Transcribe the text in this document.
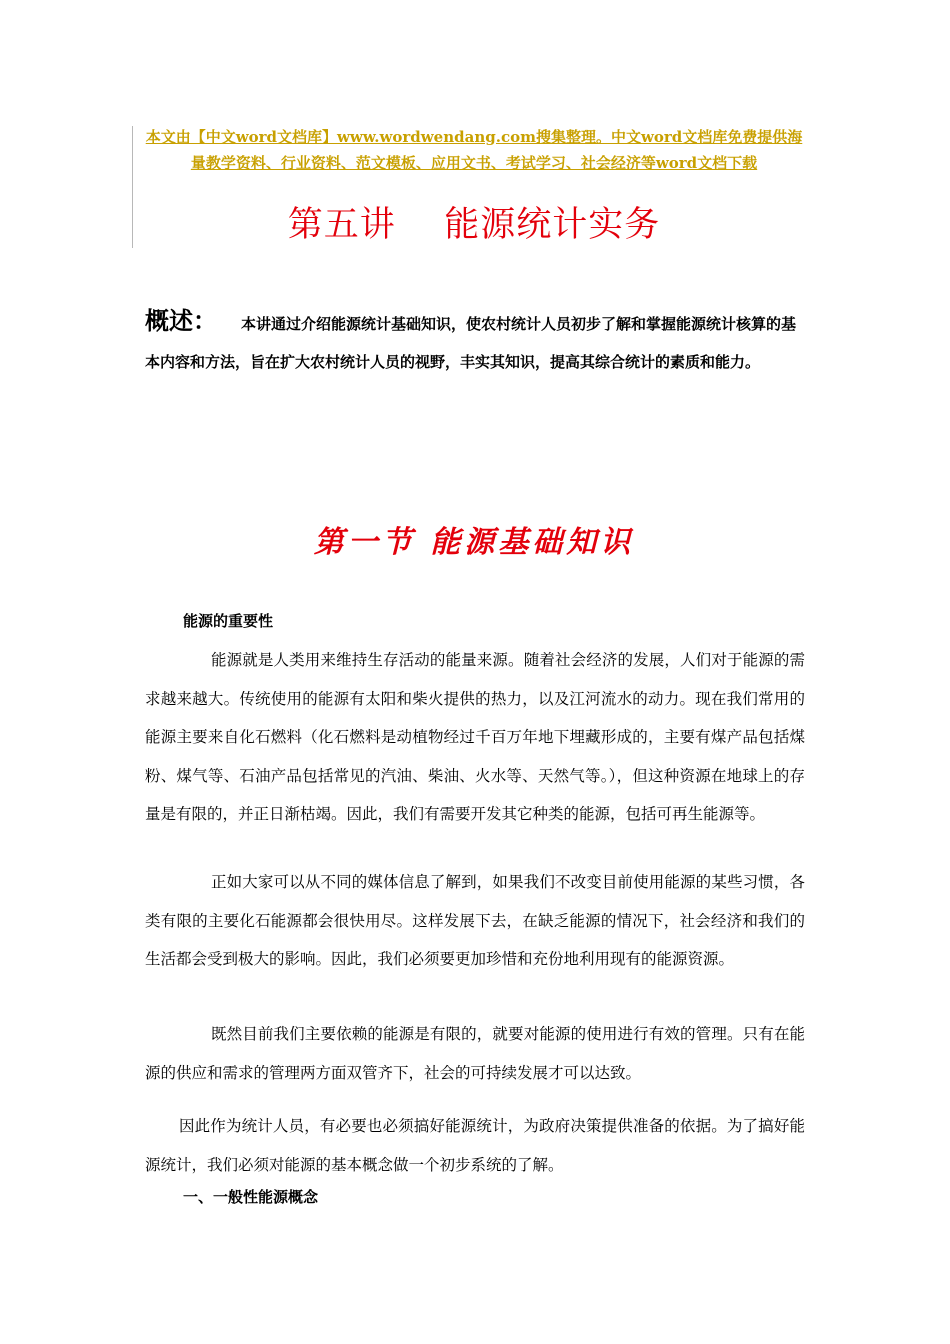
本文由【中文word文档库】www.wordwendang.com搜集整理。中文word文档库免费提供海量教学资料、行业资料、范文模板、应用文书、考试学习、社会经济等word文档下载
第五讲    能源统计实务
概述： 本讲通过介绍能源统计基础知识，使农村统计人员初步了解和掌握能源统计核算的基本内容和方法，旨在扩大农村统计人员的视野，丰实其知识，提高其综合统计的素质和能力。
第一节 能源基础知识
能源的重要性
能源就是人类用来维持生存活动的能量来源。随着社会经济的发展，人们对于能源的需求越来越大。传统使用的能源有太阳和柴火提供的热力，以及江河流水的动力。现在我们常用的能源主要来自化石燃料（化石燃料是动植物经过千百万年地下埋藏形成的，主要有煤产品包括煤粉、煤气等、石油产品包括常见的汽油、柴油、火水等、天然气等。），但这种资源在地球上的存量是有限的，并正日渐枯竭。因此，我们有需要开发其它种类的能源，包括可再生能源等。
正如大家可以从不同的媒体信息了解到，如果我们不改变目前使用能源的某些习惯，各类有限的主要化石能源都会很快用尽。这样发展下去，在缺乏能源的情况下，社会经济和我们的生活都会受到极大的影响。因此，我们必须要更加珍惜和充份地利用现有的能源资源。
既然目前我们主要依赖的能源是有限的，就要对能源的使用进行有效的管理。只有在能源的供应和需求的管理两方面双管齐下，社会的可持续发展才可以达致。
因此作为统计人员，有必要也必须搞好能源统计，为政府决策提供准备的依据。为了搞好能源统计，我们必须对能源的基本概念做一个初步系统的了解。
一、一般性能源概念
